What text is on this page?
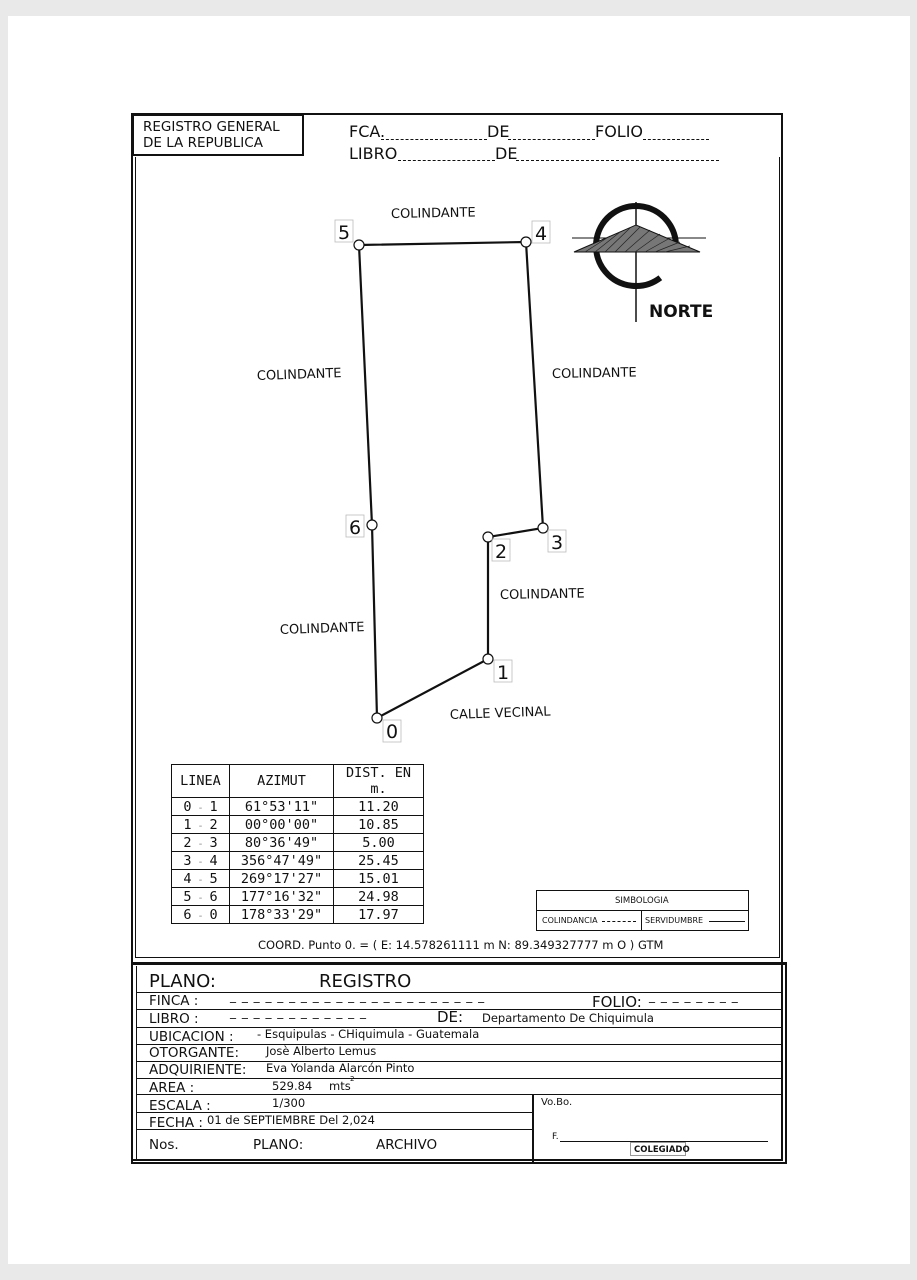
REGISTRO GENERAL
DE LA REPUBLICA
FCA.	DE	FOLIO
LIBRO	DE
0
1
2 3
4
5
6
COLINDANTE
COLINDANTE	COLINDANTE
COLINDANTE
COLINDANTE
CALLE VECINAL
NORTE
LINEA	AZIMUT	DIST. EN m.
0 - 1	61°53'11"	11.20
1 - 2	00°00'00"	10.85
2 - 3	80°36'49"	5.00
3 - 4	356°47'49"	25.45
4 - 5	269°17'27"	15.01
5 - 6	177°16'32"	24.98
6 - 0	178°33'29"	17.97
SIMBOLOGIA
COLINDANCIA	SERVIDUMBRE
COORD. Punto 0. = ( E: 14.578261111 m N: 89.349327777 m O ) GTM
PLANO:	REGISTRO
FINCA :	_ _ _ _ _ _ _ _ _ _ _ _ _ _ _ _ _ _ _ _ _ _	FOLIO: _ _ _ _ _ _ _ _
LIBRO :	_ _ _ _ _ _ _ _ _ _ _ _	DE: Departamento De Chiquimula
UBICACION : - Esquipulas - CHiquimula - Guatemala
OTORGANTE: Josè Alberto Lemus
ADQUIRIENTE: Eva Yolanda Alarcón Pinto
AREA :	529.84 mts 2
ESCALA :	1/300
FECHA : 01 de SEPTIEMBRE Del 2,024
Nos.	PLANO:	ARCHIVO
Vo.Bo.
F.
COLEGIADO
